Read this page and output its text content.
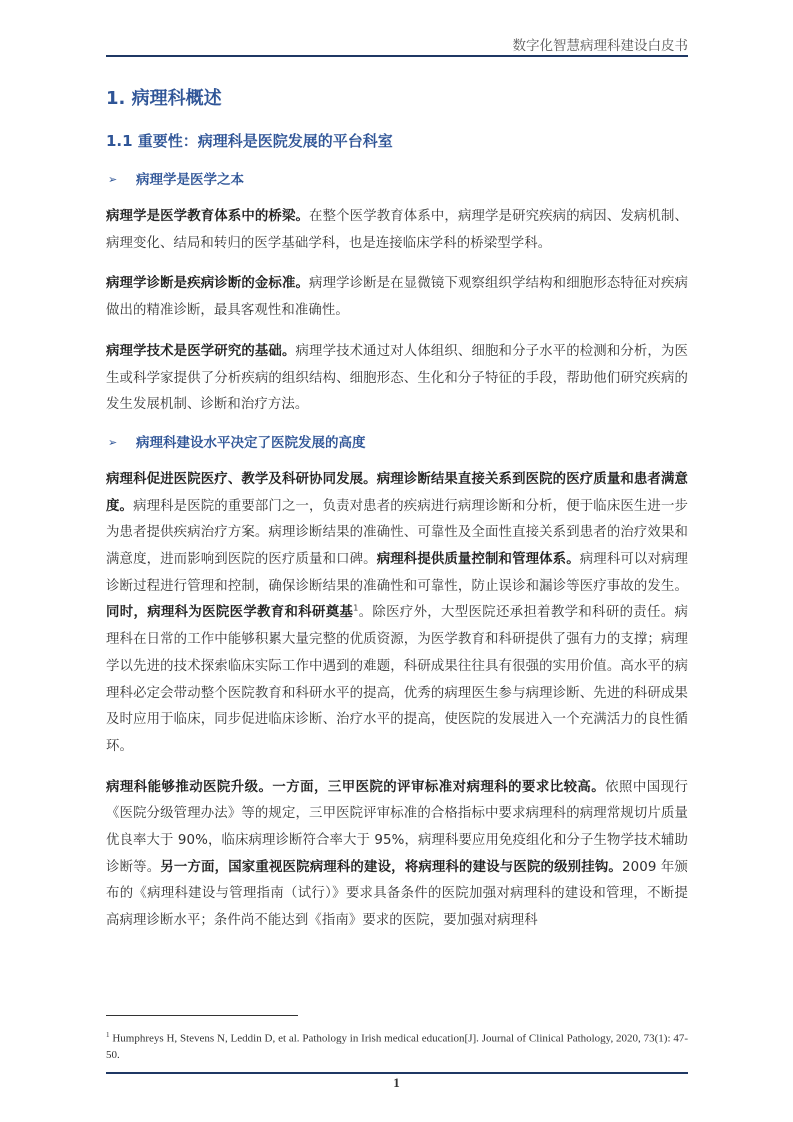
数字化智慧病理科建设白皮书
1. 病理科概述
1.1 重要性：病理科是医院发展的平台科室
➢	病理学是医学之本

病理学是医学教育体系中的桥梁。在整个医学教育体系中，病理学是研究疾病的病因、发病机制、病理变化、结局和转归的医学基础学科，也是连接临床学科的桥梁型学科。

病理学诊断是疾病诊断的金标准。病理学诊断是在显微镜下观察组织学结构和细胞形态特征对疾病做出的精准诊断，最具客观性和准确性。

病理学技术是医学研究的基础。病理学技术通过对人体组织、细胞和分子水平的检测和分析，为医生或科学家提供了分析疾病的组织结构、细胞形态、生化和分子特征的手段，帮助他们研究疾病的发生发展机制、诊断和治疗方法。

➢	病理科建设水平决定了医院发展的高度

病理科促进医院医疗、教学及科研协同发展。病理诊断结果直接关系到医院的医疗质量和患者满意度。病理科是医院的重要部门之一，负责对患者的疾病进行病理诊断和分析，便于临床医生进一步为患者提供疾病治疗方案。病理诊断结果的准确性、可靠性及全面性直接关系到患者的治疗效果和满意度，进而影响到医院的医疗质量和口碑。病理科提供质量控制和管理体系。病理科可以对病理诊断过程进行管理和控制，确保诊断结果的准确性和可靠性，防止误诊和漏诊等医疗事故的发生。同时，病理科为医院医学教育和科研奠基$^1$。除医疗外，大型医院还承担着教学和科研的责任。病理科在日常的工作中能够积累大量完整的优质资源，为医学教育和科研提供了强有力的支撑；病理学以先进的技术探索临床实际工作中遇到的难题，科研成果往往具有很强的实用价值。高水平的病理科必定会带动整个医院教育和科研水平的提高，优秀的病理医生参与病理诊断、先进的科研成果及时应用于临床，同步促进临床诊断、治疗水平的提高，使医院的发展进入一个充满活力的良性循环。

病理科能够推动医院升级。一方面，三甲医院的评审标准对病理科的要求比较高。依照中国现行《医院分级管理办法》等的规定，三甲医院评审标准的合格指标中要求病理科的病理常规切片质量优良率大于 90%，临床病理诊断符合率大于 95%，病理科要应用免疫组化和分子生物学技术辅助诊断等。另一方面，国家重视医院病理科的建设，将病理科的建设与医院的级别挂钩。2009 年颁布的《病理科建设与管理指南（试行）》要求具备条件的医院加强对病理科的建设和管理，不断提高病理诊断水平；条件尚不能达到《指南》要求的医院，要加强对病理科

$^1$ Humphreys H, Stevens N, Leddin D, et al. Pathology in Irish medical education[J]. Journal of Clinical Pathology, 2020, 73(1): 47-50.
1
